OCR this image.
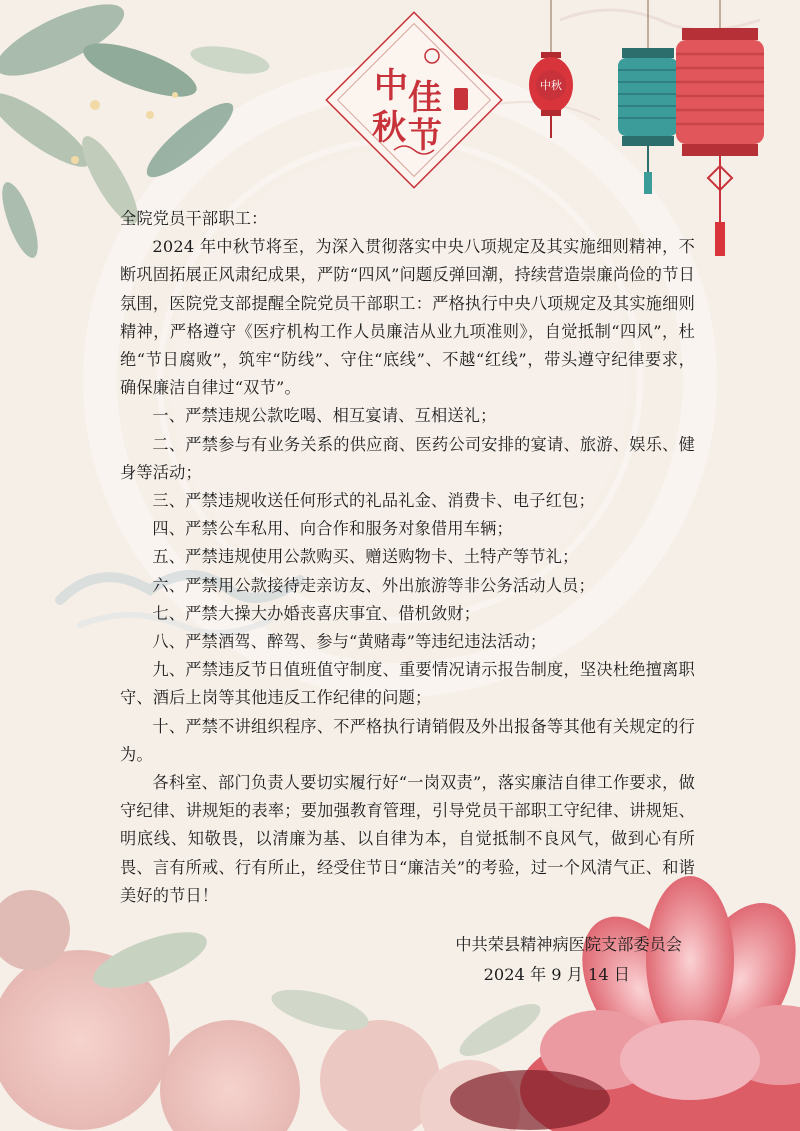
中 佳
秋 节
中秋

全院党员干部职工：

2024 年中秋节将至，为深入贯彻落实中央八项规定及其实施细则精神，不断巩固拓展正风肃纪成果，严防“四风”问题反弹回潮，持续营造崇廉尚俭的节日氛围，医院党支部提醒全院党员干部职工：严格执行中央八项规定及其实施细则精神，严格遵守《医疗机构工作人员廉洁从业九项准则》，自觉抵制“四风”，杜绝“节日腐败”，筑牢“防线”、守住“底线”、不越“红线”，带头遵守纪律要求，确保廉洁自律过“双节”。

一、严禁违规公款吃喝、相互宴请、互相送礼；

二、严禁参与有业务关系的供应商、医药公司安排的宴请、旅游、娱乐、健身等活动；

三、严禁违规收送任何形式的礼品礼金、消费卡、电子红包；

四、严禁公车私用、向合作和服务对象借用车辆；

五、严禁违规使用公款购买、赠送购物卡、土特产等节礼；

六、严禁用公款接待走亲访友、外出旅游等非公务活动人员；

七、严禁大操大办婚丧喜庆事宜、借机敛财；

八、严禁酒驾、醉驾、参与“黄赌毒”等违纪违法活动；

九、严禁违反节日值班值守制度、重要情况请示报告制度，坚决杜绝擅离职守、酒后上岗等其他违反工作纪律的问题；

十、严禁不讲组织程序、不严格执行请销假及外出报备等其他有关规定的行为。

各科室、部门负责人要切实履行好“一岗双责”，落实廉洁自律工作要求，做守纪律、讲规矩的表率；要加强教育管理，引导党员干部职工守纪律、讲规矩、明底线、知敬畏，以清廉为基、以自律为本，自觉抵制不良风气，做到心有所畏、言有所戒、行有所止，经受住节日“廉洁关”的考验，过一个风清气正、和谐美好的节日！

中共荣县精神病医院支部委员会
2024 年 9 月 14 日
